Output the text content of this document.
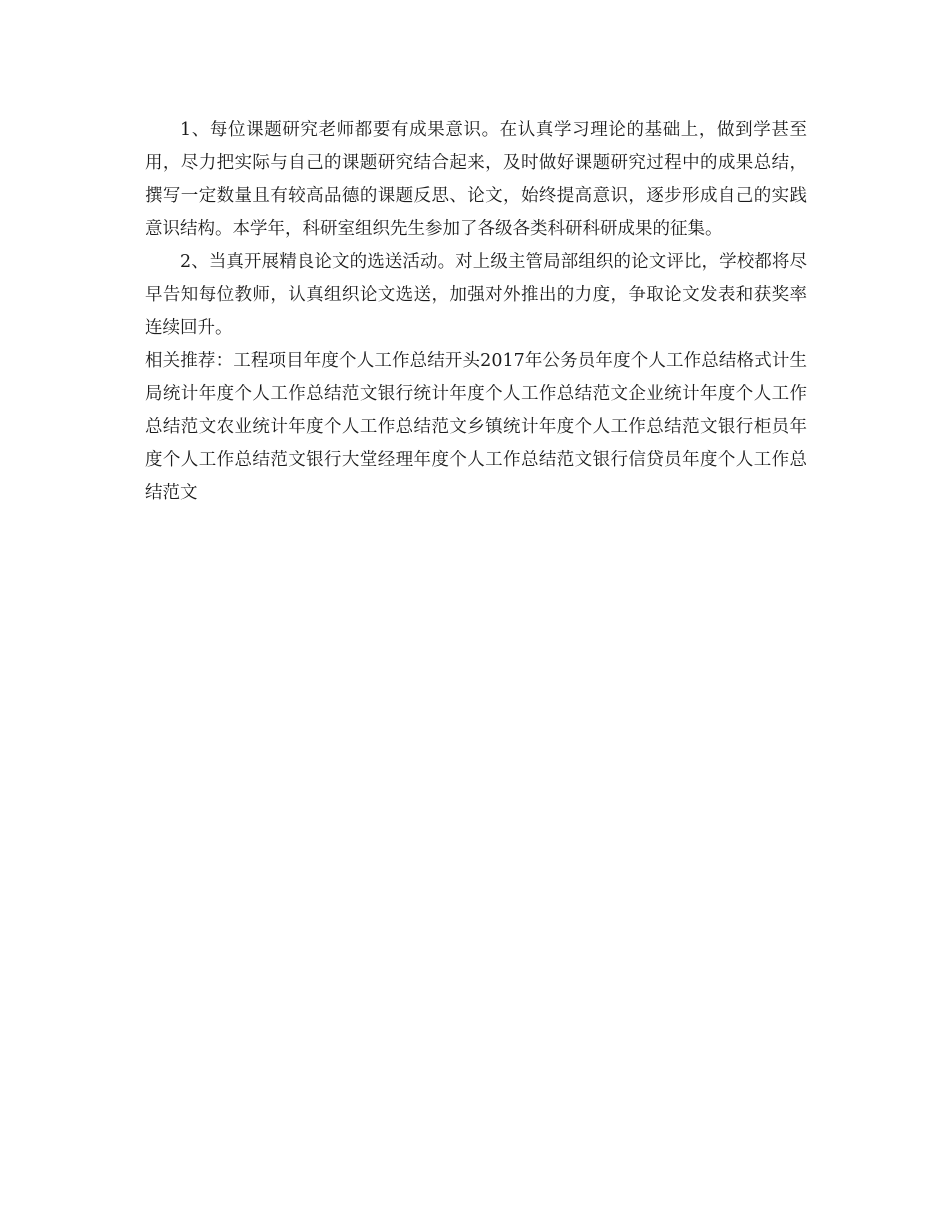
1、每位课题研究老师都要有成果意识。在认真学习理论的基础上，做到学甚至用，尽力把实际与自己的课题研究结合起来，及时做好课题研究过程中的成果总结，撰写一定数量且有较高品德的课题反思、论文，始终提高意识，逐步形成自己的实践意识结构。本学年，科研室组织先生参加了各级各类科研科研成果的征集。

2、当真开展精良论文的选送活动。对上级主管局部组织的论文评比，学校都将尽早告知每位教师，认真组织论文选送，加强对外推出的力度，争取论文发表和获奖率连续回升。

相关推荐：工程项目年度个人工作总结开头2017年公务员年度个人工作总结格式计生局统计年度个人工作总结范文银行统计年度个人工作总结范文企业统计年度个人工作总结范文农业统计年度个人工作总结范文乡镇统计年度个人工作总结范文银行柜员年度个人工作总结范文银行大堂经理年度个人工作总结范文银行信贷员年度个人工作总结范文
